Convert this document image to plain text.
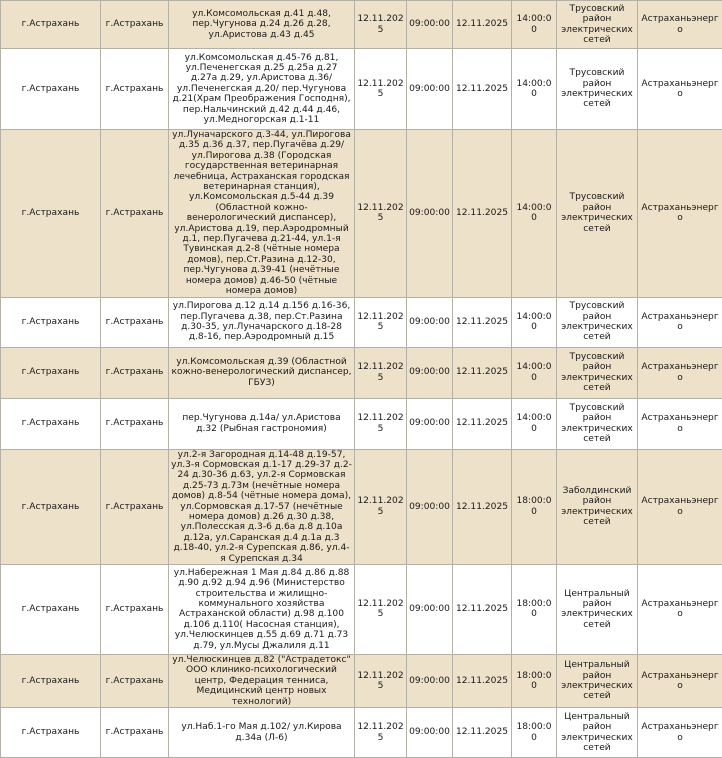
г.Астрахань	г.Астрахань	ул.Комсомольская д.41 д.48, пер.Чугунова д.24 д.26 д.28, ул.Аристова д.43 д.45	12.11.2025	09:00:00	12.11.2025	14:00:00	Трусовский район электрических сетей	Астраханьэнерго
г.Астрахань	г.Астрахань	ул.Комсомольская д.45-76 д.81, ул.Печенегская д.25 д.25а д.27 д.27а д.29, ул.Аристова д.36/ул.Печенегская д.20/ пер.Чугунова д.21(Храм Преображения Господня), пер.Нальчинский д.42 д.44 д.46, ул.Медногорская д.1-11	12.11.2025	09:00:00	12.11.2025	14:00:00	Трусовский район электрических сетей	Астраханьэнерго
г.Астрахань	г.Астрахань	ул.Луначарского д.3-44, ул.Пирогова д.35 д.36 д.37, пер.Пугачёва д.29/ ул.Пирогова д.38 (Городская государственная ветеринарная лечебница, Астраханская городская ветеринарная станция), ул.Комсомольская д.5-44 д.39 (Областной кожно-венерологический диспансер), ул.Аристова д.19, пер.Аэродромный д.1, пер.Пугачева д.21-44, ул.1-я Тувинская д.2-8 (чётные номера домов), пер.Ст.Разина д.12-30, пер.Чугунова д.39-41 (нечётные номера домов) д.46-50 (чётные номера домов)	12.11.2025	09:00:00	12.11.2025	14:00:00	Трусовский район электрических сетей	Астраханьэнерго
г.Астрахань	г.Астрахань	ул.Пирогова д.12 д.14 д.156 д.16-36, пер.Пугачева д.38, пер.Ст.Разина д.30-35, ул.Луначарского д.18-28 д.8-16, пер.Аэродромный д.15	12.11.2025	09:00:00	12.11.2025	14:00:00	Трусовский район электрических сетей	Астраханьэнерго
г.Астрахань	г.Астрахань	ул.Комсомольская д.39 (Областной кожно-венерологический диспансер, ГБУЗ)	12.11.2025	09:00:00	12.11.2025	14:00:00	Трусовский район электрических сетей	Астраханьэнерго
г.Астрахань	г.Астрахань	пер.Чугунова д.14а/ ул.Аристова д.32 (Рыбная гастрономия)	12.11.2025	09:00:00	12.11.2025	14:00:00	Трусовский район электрических сетей	Астраханьэнерго
г.Астрахань	г.Астрахань	ул.2-я Загородная д.14-48 д.19-57, ул.3-я Сормовская д.1-17 д.29-37 д.2-24 д.30-36 д.63, ул.2-я Сормовская д.25-73 д.73м (нечётные номера домов) д.8-54 (чётные номера дома), ул.Сормовская д.17-57 (нечётные номера домов) д.26 д.30 д.38, ул.Полесская д.3-6 д.6а д.8 д.10а д.12а, ул.Саранская д.4 д.1а д.3 д.18-40, ул.2-я Сурепская д.86, ул.4-я Сурепская д.34	12.11.2025	09:00:00	12.11.2025	18:00:00	Заболдинский район электрических сетей	Астраханьэнерго
г.Астрахань	г.Астрахань	ул.Набережная 1 Мая д.84 д.86 д.88 д.90 д.92 д.94 д.96 (Министерство строительства и жилищно-коммунального хозяйства Астраханской области) д.98 д.100 д.106 д.110( Насосная станция), ул.Челюскинцев д.55 д.69 д.71 д.73 д.79, ул.Мусы Джалиля д.11	12.11.2025	09:00:00	12.11.2025	18:00:00	Центральный район электрических сетей	Астраханьэнерго
г.Астрахань	г.Астрахань	ул.Челюскинцев д.82 ("Астрадетокс" ООО клинико-психологический центр, Федерация тенниса, Медицинский центр новых технологий)	12.11.2025	09:00:00	12.11.2025	18:00:00	Центральный район электрических сетей	Астраханьэнерго
г.Астрахань	г.Астрахань	ул.Наб.1-го Мая д.102/ ул.Кирова д.34а (Л-6)	12.11.2025	09:00:00	12.11.2025	18:00:00	Центральный район электрических сетей	Астраханьэнерго
